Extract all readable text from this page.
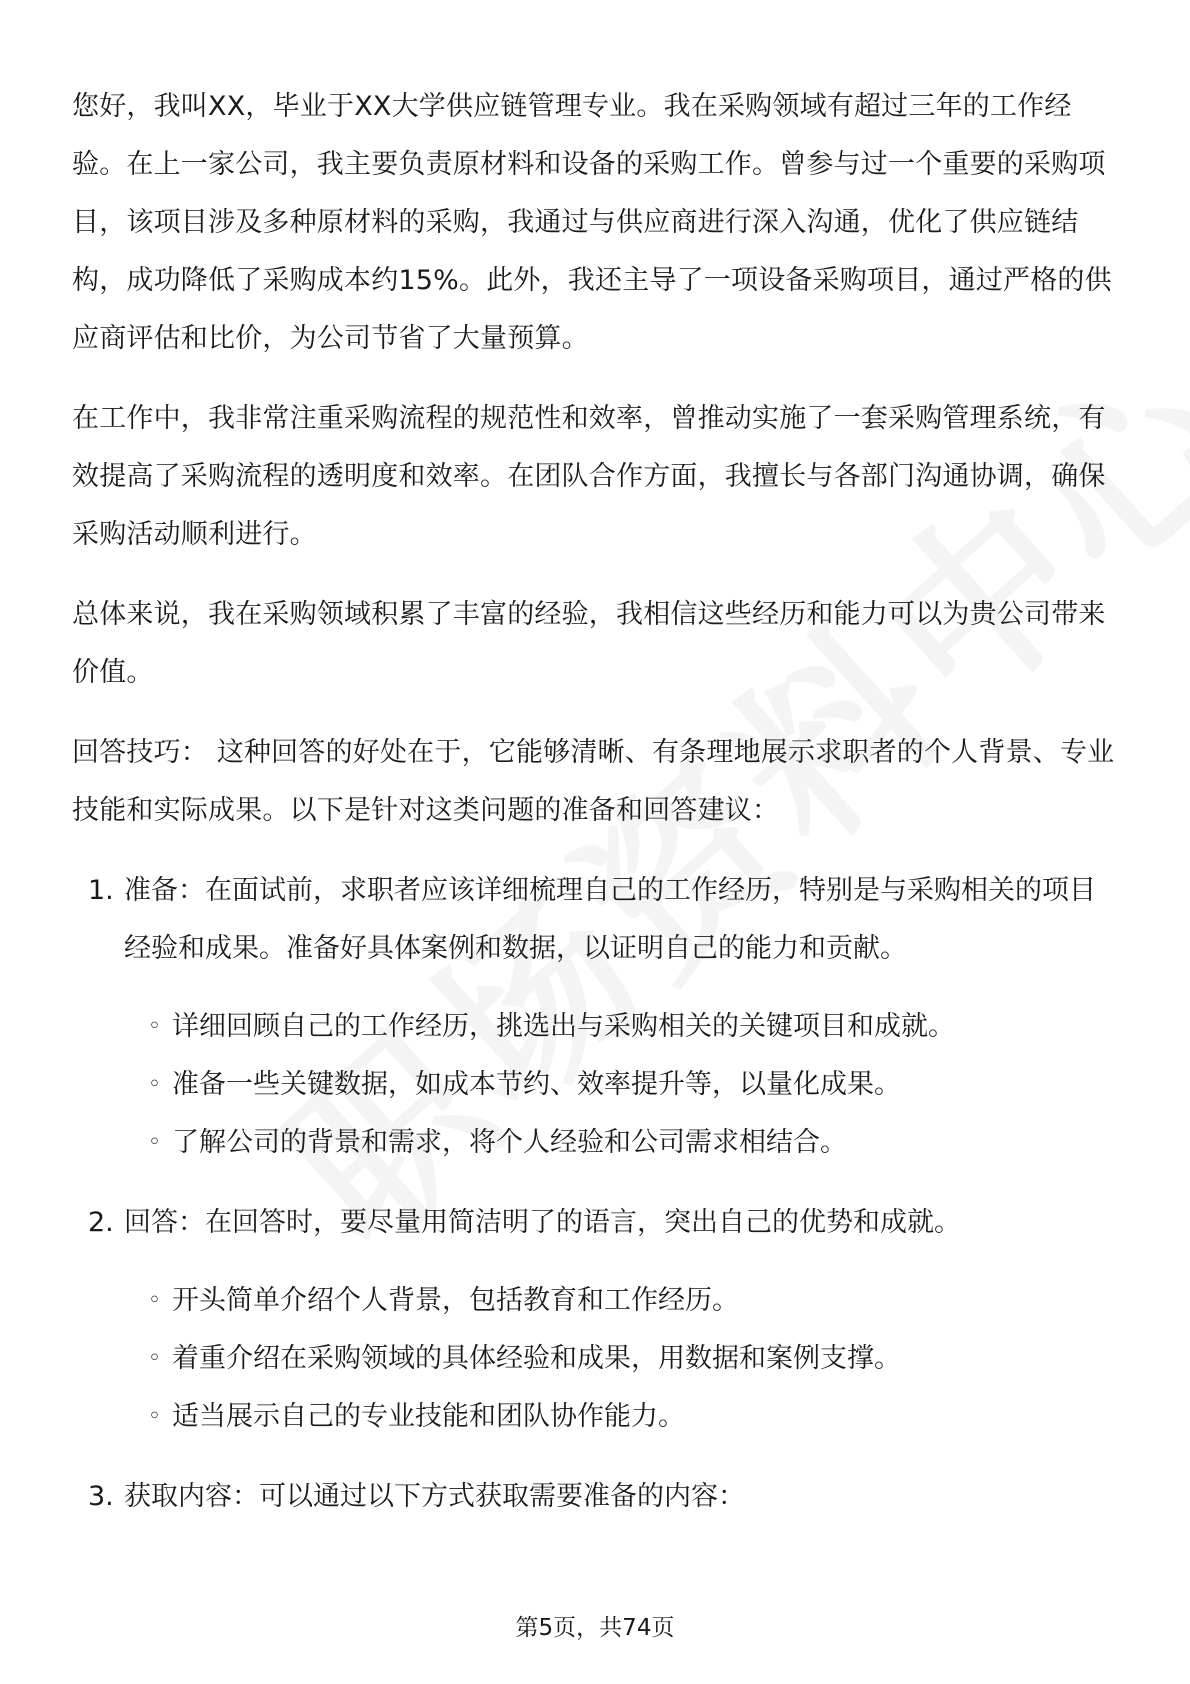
您好，我叫XX，毕业于XX大学供应链管理专业。我在采购领域有超过三年的工作经验。在上一家公司，我主要负责原材料和设备的采购工作。曾参与过一个重要的采购项目，该项目涉及多种原材料的采购，我通过与供应商进行深入沟通，优化了供应链结构，成功降低了采购成本约15%。此外，我还主导了一项设备采购项目，通过严格的供应商评估和比价，为公司节省了大量预算。

在工作中，我非常注重采购流程的规范性和效率，曾推动实施了一套采购管理系统，有效提高了采购流程的透明度和效率。在团队合作方面，我擅长与各部门沟通协调，确保采购活动顺利进行。

总体来说，我在采购领域积累了丰富的经验，我相信这些经历和能力可以为贵公司带来价值。

回答技巧： 这种回答的好处在于，它能够清晰、有条理地展示求职者的个人背景、专业技能和实际成果。以下是针对这类问题的准备和回答建议：

1. 准备：在面试前，求职者应该详细梳理自己的工作经历，特别是与采购相关的项目经验和成果。准备好具体案例和数据，以证明自己的能力和贡献。
◦ 详细回顾自己的工作经历，挑选出与采购相关的关键项目和成就。
◦ 准备一些关键数据，如成本节约、效率提升等，以量化成果。
◦ 了解公司的背景和需求，将个人经验和公司需求相结合。
2. 回答：在回答时，要尽量用简洁明了的语言，突出自己的优势和成就。
◦ 开头简单介绍个人背景，包括教育和工作经历。
◦ 着重介绍在采购领域的具体经验和成果，用数据和案例支撑。
◦ 适当展示自己的专业技能和团队协作能力。
3. 获取内容：可以通过以下方式获取需要准备的内容：
第5页，共74页
